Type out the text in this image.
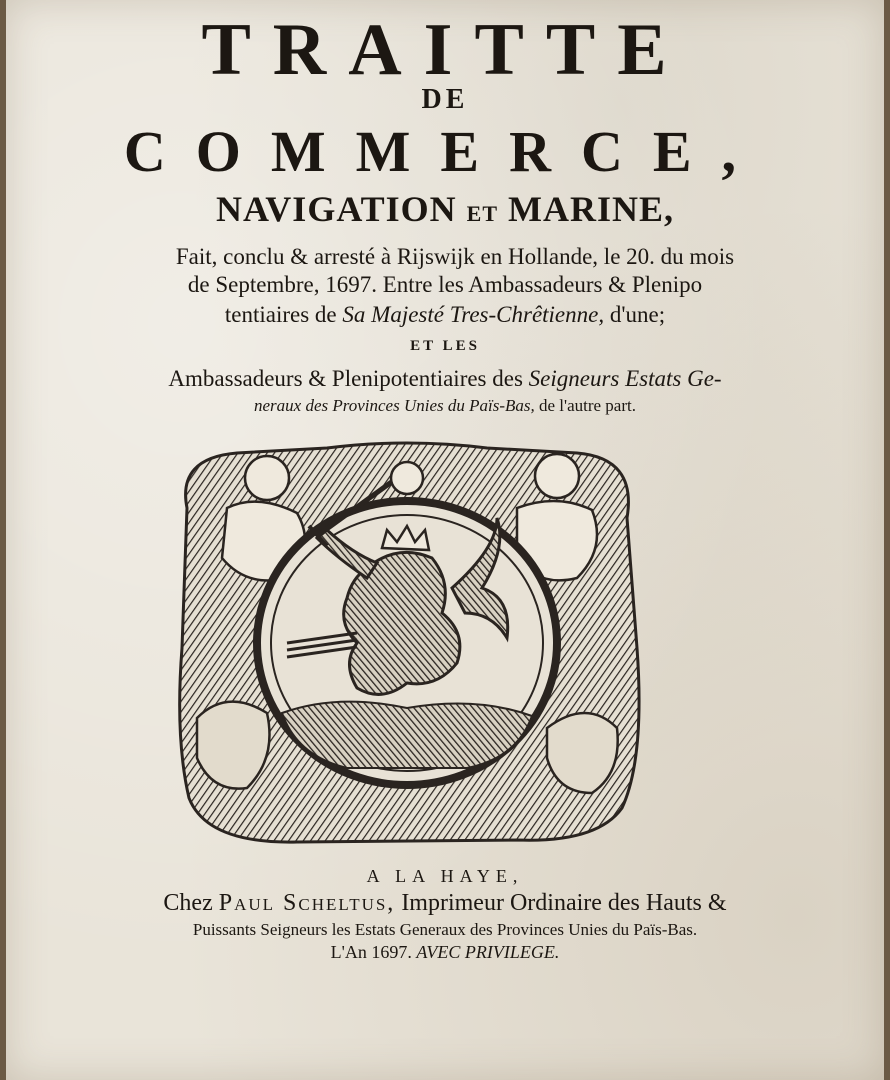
TRAITTE
DE
COMMERCE,
NAVIGATION ET MARINE,
Fait, conclu & arresté à Rijswijk en Hollande, le 20. du mois
de Septembre, 1697. Entre les Ambassadeurs & Plenipo
tentiaires de Sa Majesté Tres-Chrêtienne, d'une;
ET LES
Ambassadeurs & Plenipotentiaires des Seigneurs Estats Ge-
neraux des Provinces Unies du Païs-Bas, de l'autre part.
A LA HAYE,
Chez Paul Scheltus, Imprimeur Ordinaire des Hauts &
Puissants Seigneurs les Estats Generaux des Provinces Unies du Païs-Bas.
L'An 1697. AVEC PRIVILEGE.
